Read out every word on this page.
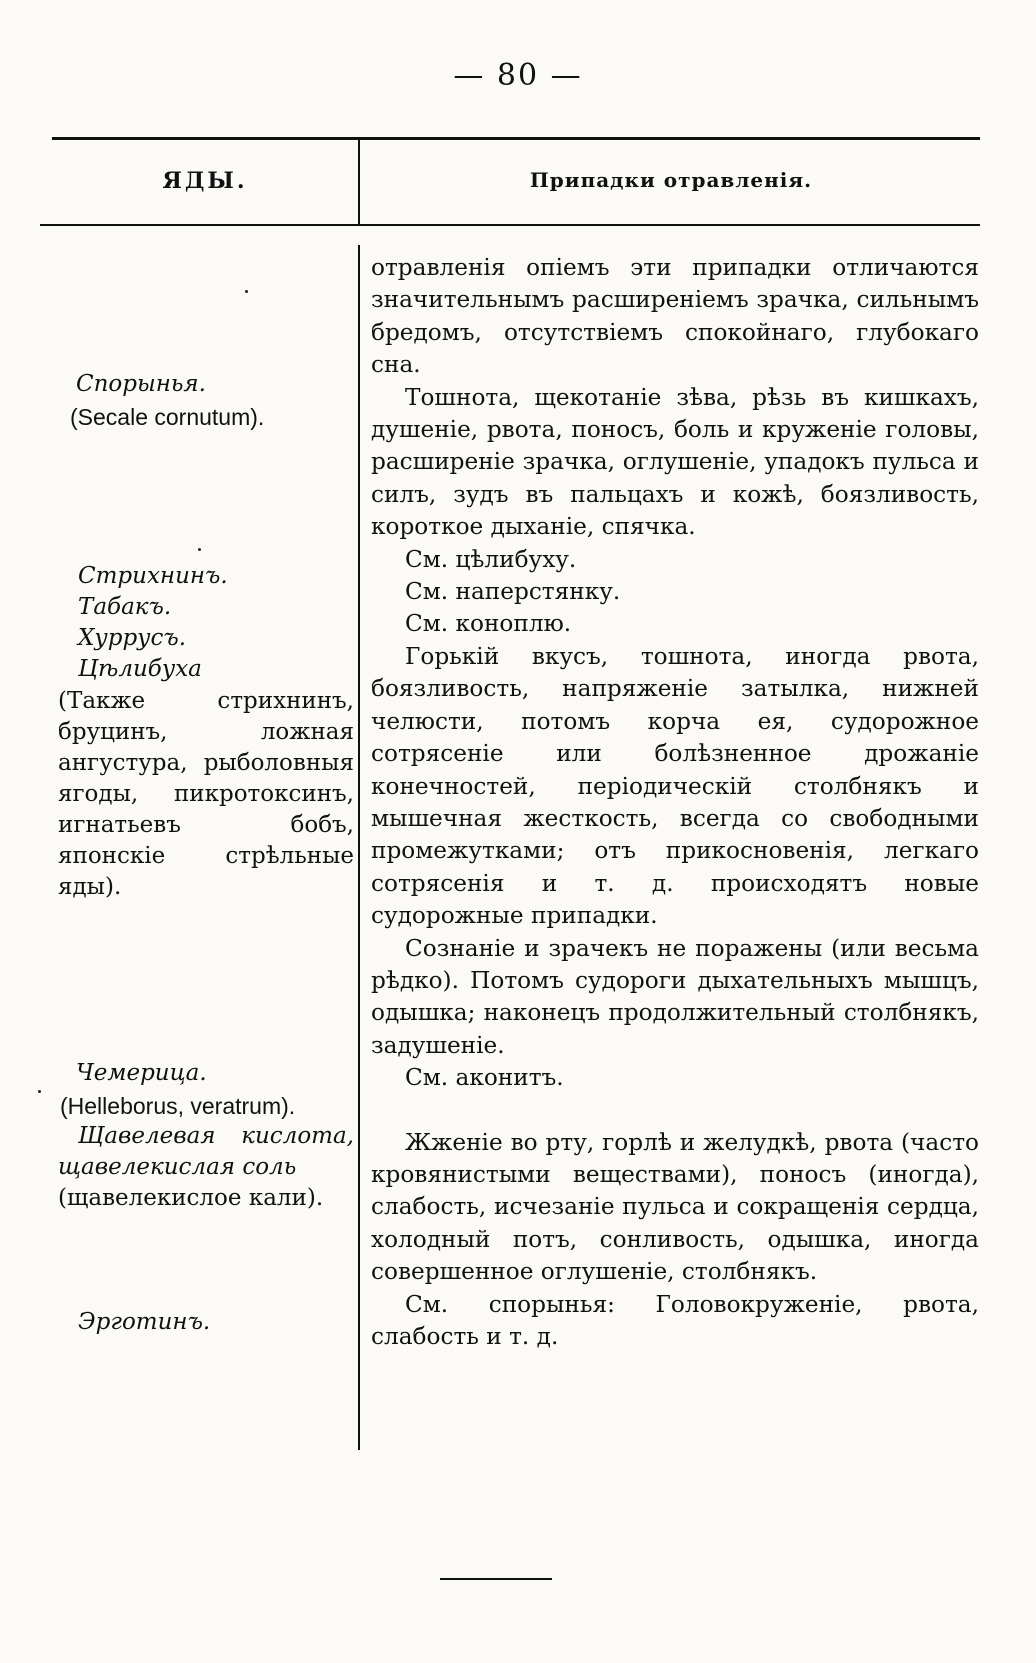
— 80 —
ЯДЫ.	Припадки отравленія.
Спорынья.
(Secale cornutum).
Стрихнинъ.
Табакъ.
Хуррусъ.
Цѣлибуха
(Также стрихнинъ, бруцинъ, ложная ангустура, рыболовныя ягоды, пикротоксинъ, игнатьевъ бобъ, японскіе стрѣльные яды).
Чемерица.
(Helleborus, veratrum).
Щавелевая кислота, щавелекислая соль
(щавелекислое кали).
Эрготинъ.

отравленія опіемъ эти припадки отличаются значительнымъ расширеніемъ зрачка, сильнымъ бредомъ, отсутствіемъ спокойнаго, глубокаго сна.

Тошнота, щекотаніе зѣва, рѣзь въ кишкахъ, душеніе, рвота, поносъ, боль и круженіе головы, расширеніе зрачка, оглушеніе, упадокъ пульса и силъ, зудъ въ пальцахъ и кожѣ, боязливость, короткое дыханіе, спячка.

См. цѣлибуху.

См. наперстянку.

См. коноплю.

Горькій вкусъ, тошнота, иногда рвота, боязливость, напряженіе затылка, нижней челюсти, потомъ корча ея, судорожное сотрясеніе или болѣзненное дрожаніе конечностей, періодическій столбнякъ и мышечная жесткость, всегда со свободными промежутками; отъ прикосновенія, легкаго сотрясенія и т. д. происходятъ новые судорожные припадки.

Сознаніе и зрачекъ не поражены (или весьма рѣдко). Потомъ судороги дыхательныхъ мышцъ, одышка; наконецъ продолжительный столбнякъ, задушеніе.

См. аконитъ.

Жженіе во рту, горлѣ и желудкѣ, рвота (часто кровянистыми веществами), поносъ (иногда), слабость, исчезаніе пульса и сокращенія сердца, холодный потъ, сонливость, одышка, иногда совершенное оглушеніе, столбнякъ.

См. спорынья: Головокруженіе, рвота, слабость и т. д.
